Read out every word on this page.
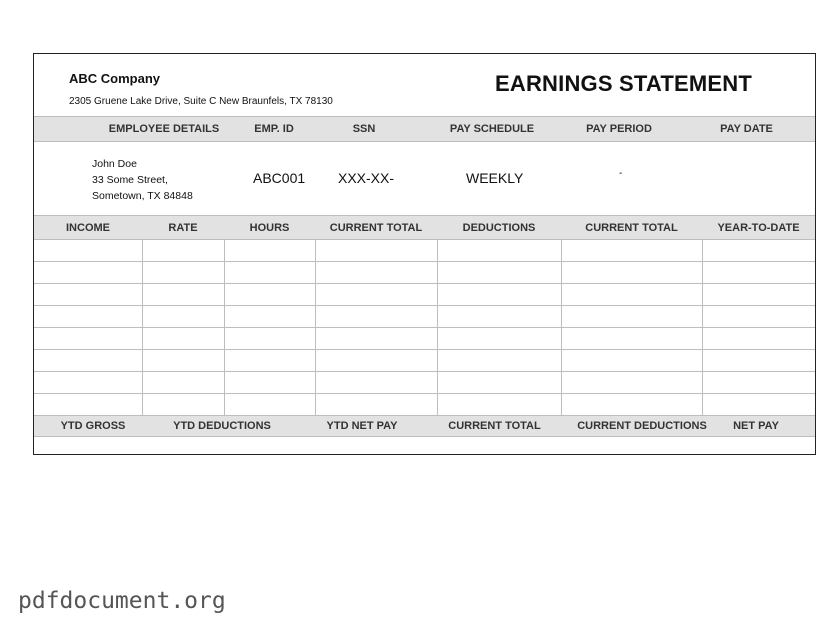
ABC Company
2305 Gruene Lake Drive, Suite C New Braunfels, TX 78130
EARNINGS STATEMENT
EMPLOYEE DETAILS	EMP. ID	SSN	PAY SCHEDULE	PAY PERIOD	PAY DATE
John Doe
33 Some Street,
Sometown, TX 84848
ABC001 XXX-XX-	WEEKLY	-
INCOME	RATE	HOURS	CURRENT TOTAL	DEDUCTIONS	CURRENT TOTAL	YEAR-TO-DATE
YTD GROSS	YTD DEDUCTIONS	YTD NET PAY	CURRENT TOTAL	CURRENT DEDUCTIONS	NET PAY
pdfdocument.org
